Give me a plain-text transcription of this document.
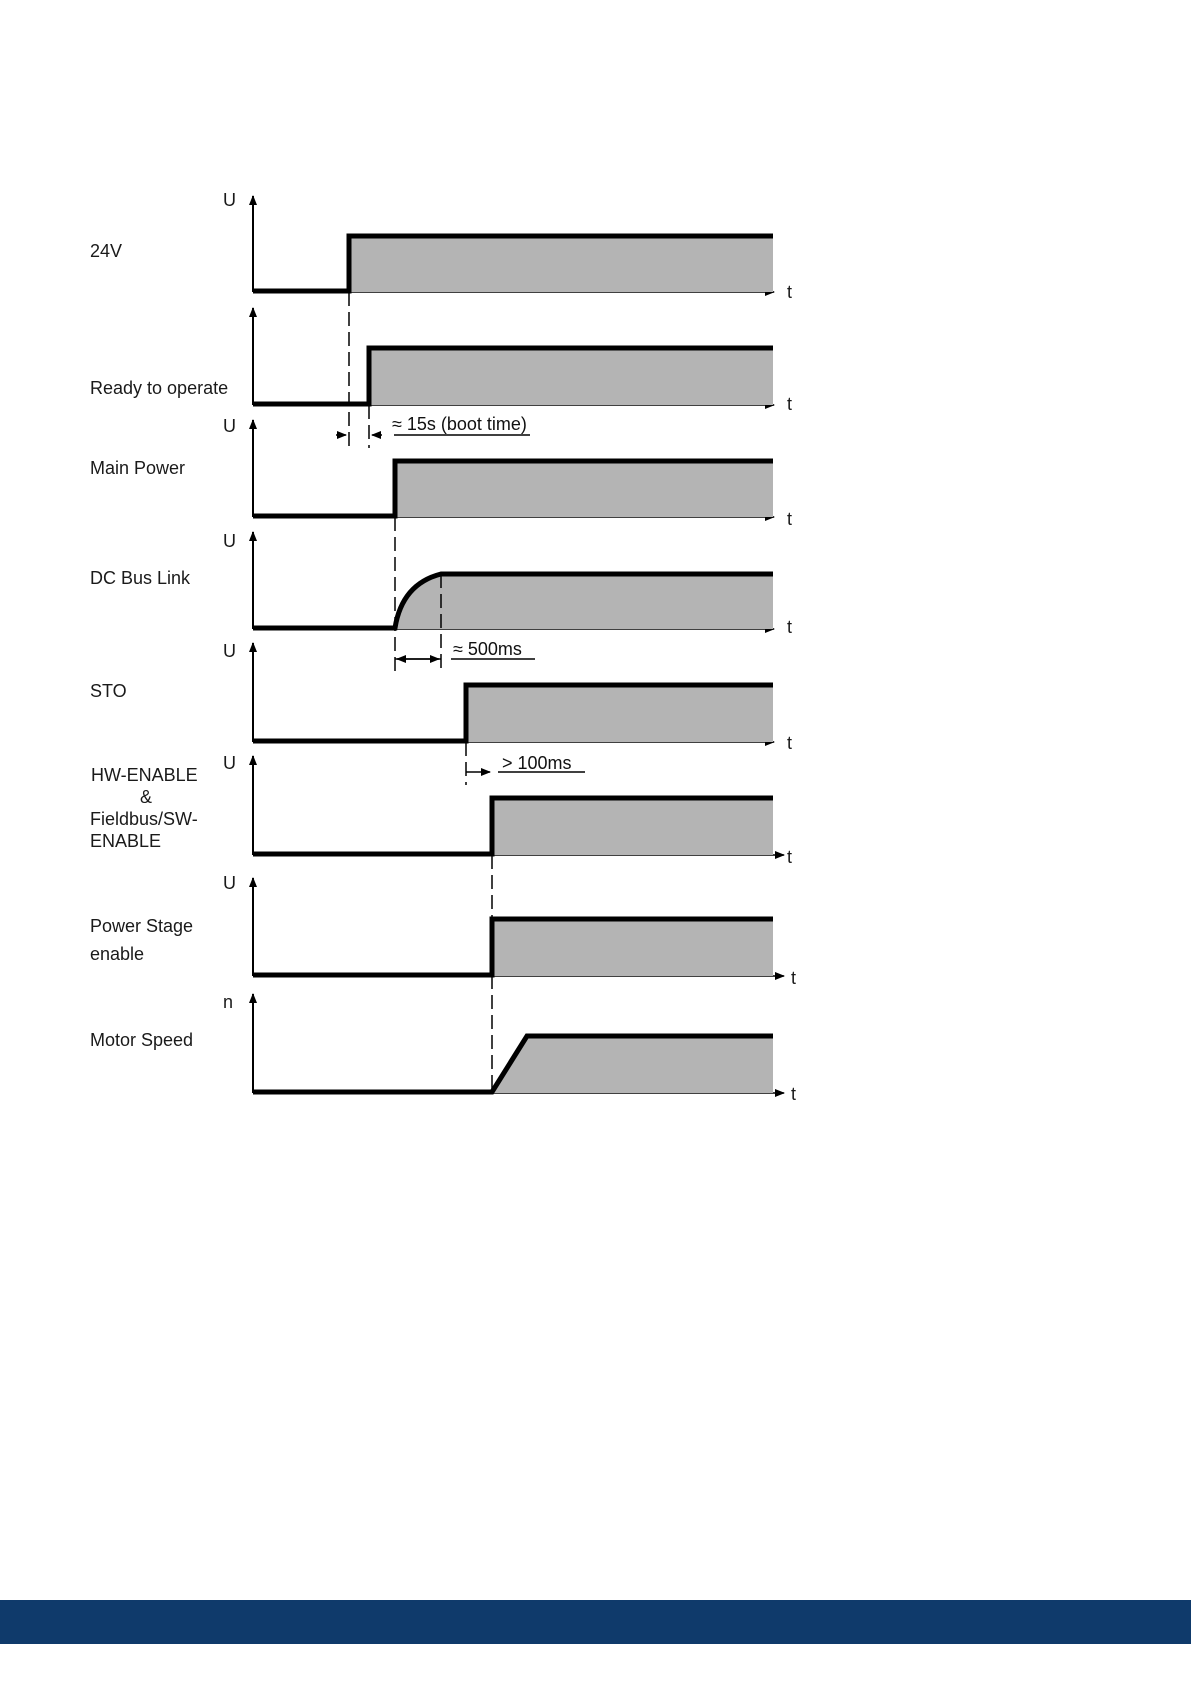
24V
Ready to operate
Main Power
DC Bus Link
STO
HW-ENABLE
&
Fieldbus/SW-
ENABLE
Power Stage
enable
Motor Speed
U
U
U
U
U
U
n
t
t
t
t
t
t
t
t
≈ 15s (boot time)
≈ 500ms
> 100ms
